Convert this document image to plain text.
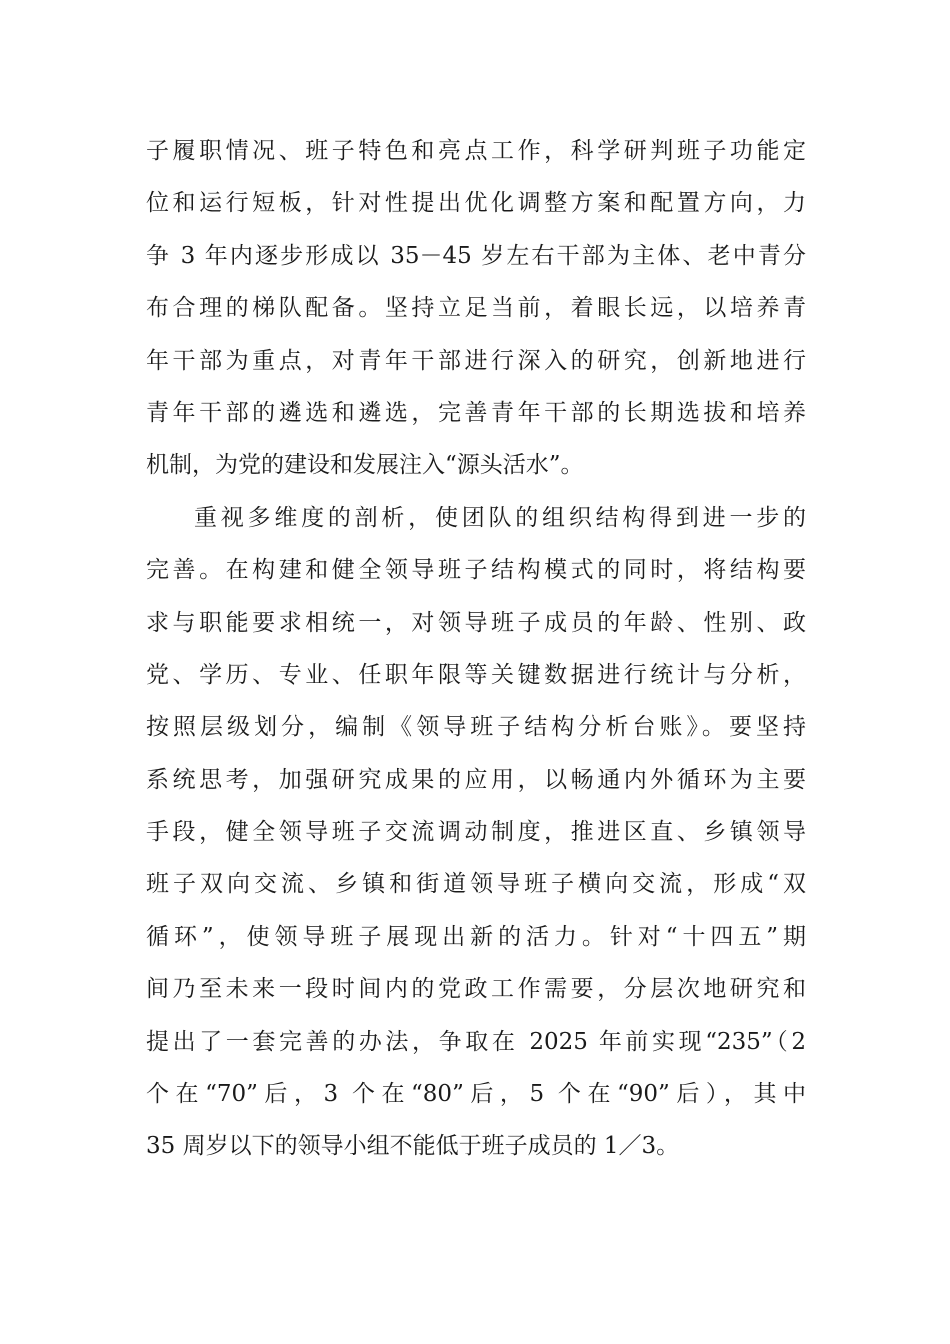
子履职情况、班子特色和亮点工作，科学研判班子功能定
位和运行短板，针对性提出优化调整方案和配置方向，力
争 3 年内逐步形成以 35－45 岁左右干部为主体、老中青分
布合理的梯队配备。坚持立足当前，着眼长远，以培养青
年干部为重点，对青年干部进行深入的研究，创新地进行
青年干部的遴选和遴选，完善青年干部的长期选拔和培养
机制，为党的建设和发展注入“源头活水”。
重视多维度的剖析，使团队的组织结构得到进一步的
完善。在构建和健全领导班子结构模式的同时，将结构要
求与职能要求相统一，对领导班子成员的年龄、性别、政
党、学历、专业、任职年限等关键数据进行统计与分析，
按照层级划分，编制《领导班子结构分析台账》。要坚持
系统思考，加强研究成果的应用，以畅通内外循环为主要
手段，健全领导班子交流调动制度，推进区直、乡镇领导
班子双向交流、乡镇和街道领导班子横向交流，形成“双
循环”，使领导班子展现出新的活力。针对“十四五”期
间乃至未来一段时间内的党政工作需要，分层次地研究和
提出了一套完善的办法，争取在 2025 年前实现“235”（2
个在“70”后，3 个在“80”后，5 个在“90”后），其中
35 周岁以下的领导小组不能低于班子成员的 1／3。
